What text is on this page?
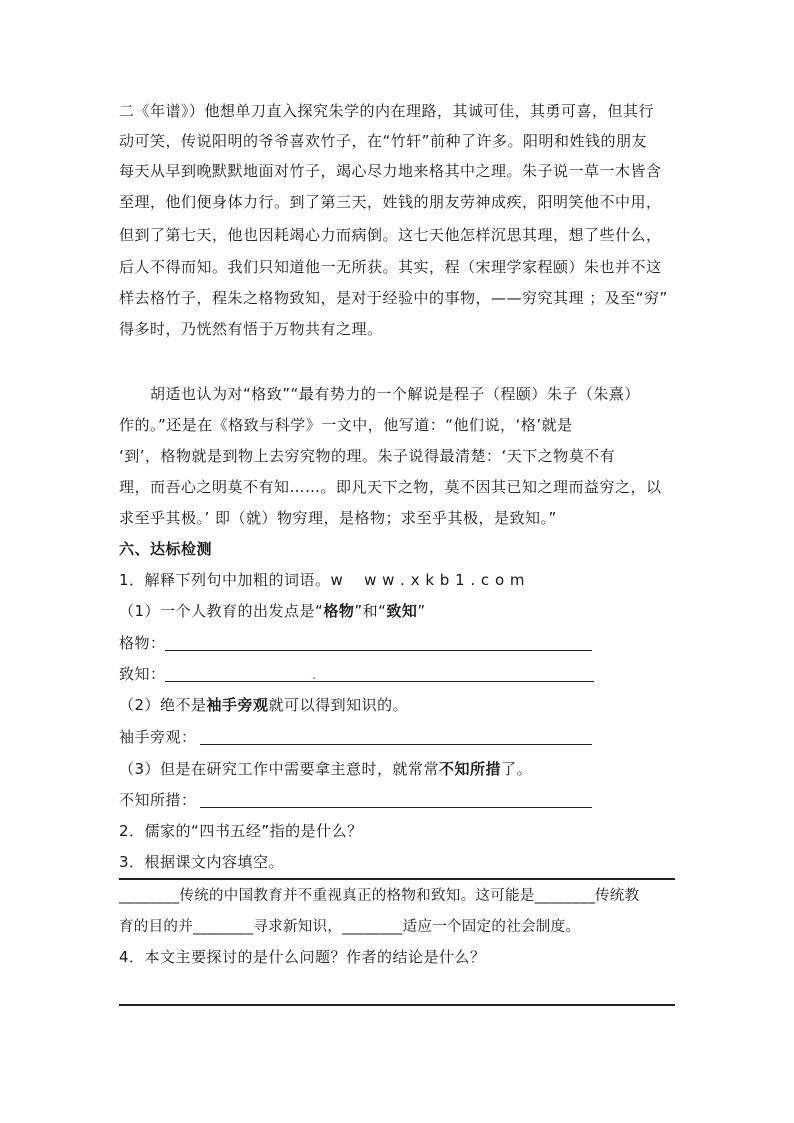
二《年谱》）他想单刀直入探究朱学的内在理路，其诚可佳，其勇可喜，但其行
动可笑，传说阳明的爷爷喜欢竹子，在“竹轩”前种了许多。阳明和姓钱的朋友
每天从早到晚默默地面对竹子，竭心尽力地来格其中之理。朱子说一草一木皆含
至理，他们便身体力行。到了第三天，姓钱的朋友劳神成疾，阳明笑他不中用，
但到了第七天，他也因耗竭心力而病倒。这七天他怎样沉思其理，想了些什么，
后人不得而知。我们只知道他一无所获。其实，程（宋理学家程颐）朱也并不这
样去格竹子，程朱之格物致知，是对于经验中的事物，——穷究其理 ；及至“穷”
得多时，乃恍然有悟于万物共有之理。
　　胡适也认为对“格致”“最有势力的一个解说是程子（程颐）朱子（朱熹）
作的。”还是在《格致与科学》一文中，他写道：“他们说，‘格’就是
‘到’，格物就是到物上去穷究物的理。朱子说得最清楚：‘天下之物莫不有
理，而吾心之明莫不有知……。即凡天下之物，莫不因其已知之理而益穷之，以
求至乎其极。’ 即（就）物穷理，是格物；求至乎其极，是致知。”
六、达标检测
1．解释下列句中加粗的词语。w　 w w . x k b 1 . c o m
（1）一个人教育的出发点是“格物”和“致知”
格物：
致知：
（2）绝不是袖手旁观就可以得到知识的。
袖手旁观：
（3）但是在研究工作中需要拿主意时，就常常不知所措了。
不知所措：
2．儒家的“四书五经”指的是什么？
3．根据课文内容填空。
________传统的中国教育并不重视真正的格物和致知。这可能是________传统教
育的目的并________寻求新知识，________适应一个固定的社会制度。
4．本文主要探讨的是什么问题？作者的结论是什么？
